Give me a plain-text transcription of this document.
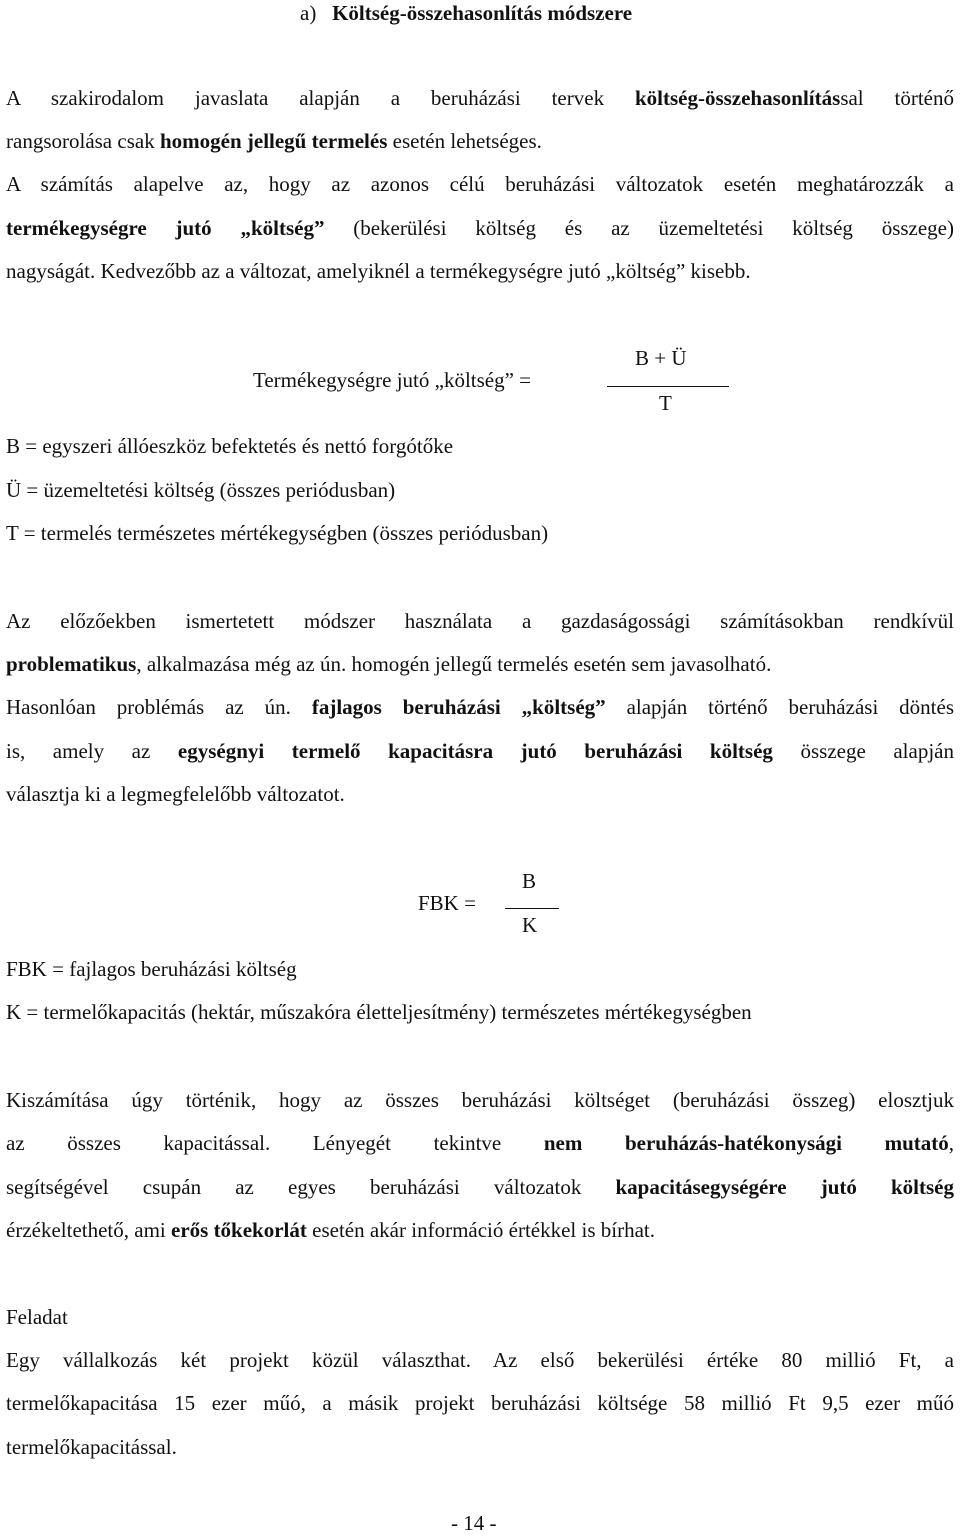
a) Költség-összehasonlítás módszere
A szakirodalom javaslata alapján a beruházási tervek költség-összehasonlítással történő
rangsorolása csak homogén jellegű termelés esetén lehetséges.
A számítás alapelve az, hogy az azonos célú beruházási változatok esetén meghatározzák a
termékegységre jutó „költség” (bekerülési költség és az üzemeltetési költség összege)
nagyságát. Kedvezőbb az a változat, amelyiknél a termékegységre jutó „költség” kisebb.
Termékegységre jutó „költség” =
B + Ü
T
B = egyszeri állóeszköz befektetés és nettó forgótőke
Ü = üzemeltetési költség (összes periódusban)
T = termelés természetes mértékegységben (összes periódusban)
Az előzőekben ismertetett módszer használata a gazdaságossági számításokban rendkívül
problematikus, alkalmazása még az ún. homogén jellegű termelés esetén sem javasolható.
Hasonlóan problémás az ún. fajlagos beruházási „költség” alapján történő beruházási döntés
is, amely az egységnyi termelő kapacitásra jutó beruházási költség összege alapján
választja ki a legmegfelelőbb változatot.
FBK =
B
K
FBK = fajlagos beruházási költség
K = termelőkapacitás (hektár, műszakóra életteljesítmény) természetes mértékegységben
Kiszámítása úgy történik, hogy az összes beruházási költséget (beruházási összeg) elosztjuk
az összes kapacitással. Lényegét tekintve nem beruházás-hatékonysági mutató,
segítségével csupán az egyes beruházási változatok kapacitásegységére jutó költség
érzékeltethető, ami erős tőkekorlát esetén akár információ értékkel is bírhat.
Feladat
Egy vállalkozás két projekt közül választhat. Az első bekerülési értéke 80 millió Ft, a
termelőkapacitása 15 ezer műó, a másik projekt beruházási költsége 58 millió Ft 9,5 ezer műó
termelőkapacitással.
- 14 -
